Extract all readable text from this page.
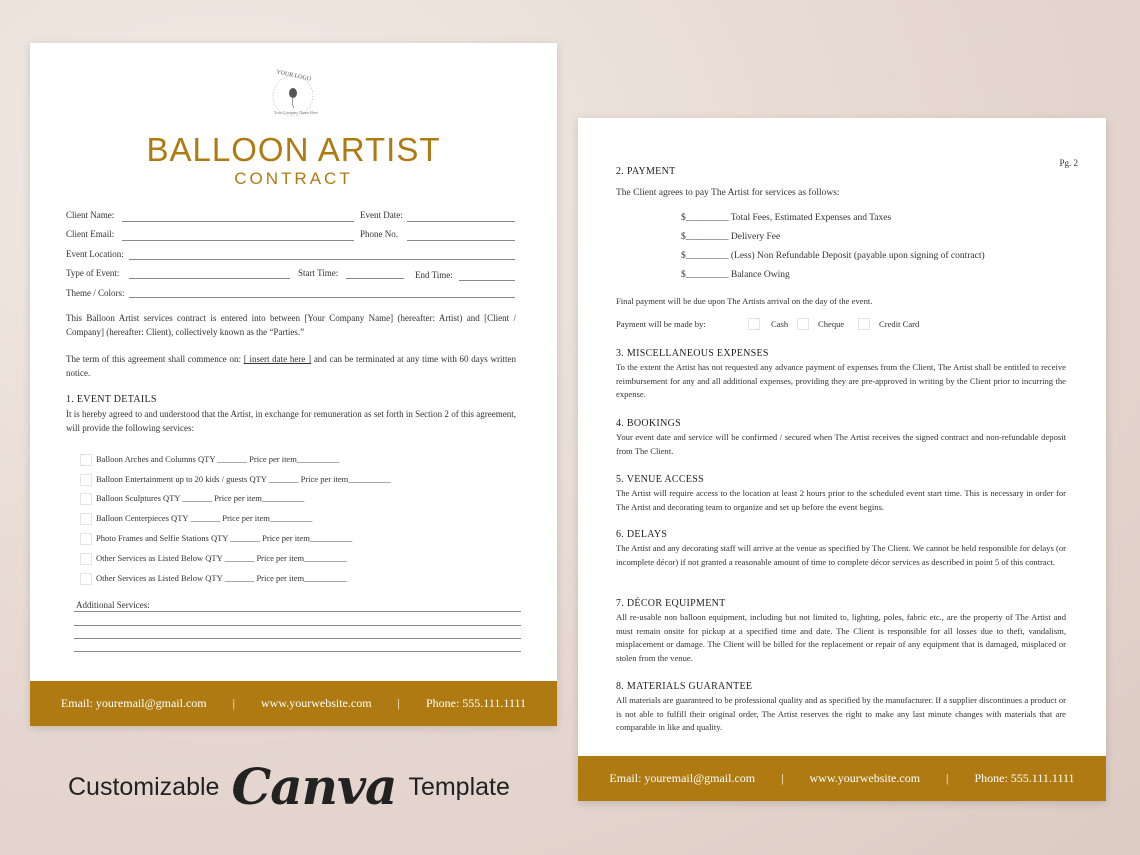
YOUR LOGO
Your Company Name Here
BALLOON ARTIST
CONTRACT
Client Name:	Event Date:
Client Email:	Phone No.
Event Location:
Type of Event:	Start Time:	End Time:
Theme / Colors:
This Balloon Artist services contract is entered into between [Your Company Name] (hereafter: Artist) and [Client / Company] (hereafter: Client), collectively known as the “Parties.”
The term of this agreement shall commence on: [ insert date here ] and can be terminated at any time with 60 days written notice.
1. EVENT DETAILS
It is hereby agreed to and understood that the Artist, in exchange for remuneration as set forth in Section 2 of this agreement, will provide the following services:
Balloon Arches and Columns QTY _______ Price per item__________
Balloon Entertainment up to 20 kids / guests QTY _______ Price per item__________
Balloon Sculptures QTY _______ Price per item__________
Balloon Centerpieces QTY _______ Price per item__________
Photo Frames and Selfie Stations QTY _______ Price per item__________
Other Services as Listed Below QTY _______ Price per item__________
Other Services as Listed Below QTY _______ Price per item__________
Additional Services:
Email: youremail@gmail.com | www.yourwebsite.com | Phone: 555.111.1111
Pg. 2
2. PAYMENT
The Client agrees to pay The Artist for services as follows:
$_________ Total Fees, Estimated Expenses and Taxes
$_________ Delivery Fee
$_________ (Less) Non Refundable Deposit (payable upon signing of contract)
$_________ Balance Owing
Final payment will be due upon The Artists arrival on the day of the event.
Payment will be made by:	Cash	Cheque	Credit Card
3. MISCELLANEOUS EXPENSES
To the extent the Artist has not requested any advance payment of expenses from the Client, The Artist shall be entitled to receive reimbursement for any and all additional expenses, providing they are pre-approved in writing by the Client prior to incurring the expense.
4. BOOKINGS
Your event date and service will be confirmed / secured when The Artist receives the signed contract and non-refundable deposit from The Client.
5. VENUE ACCESS
The Artist will require access to the location at least 2 hours prior to the scheduled event start time. This is necessary in order for The Artist and decorating team to organize and set up before the event begins.
6. DELAYS
The Artist and any decorating staff will arrive at the venue as specified by The Client. We cannot be held responsible for delays (or incomplete décor) if not granted a reasonable amount of time to complete décor services as described in point 5 of this contract.
7. DÉCOR EQUIPMENT
All re-usable non balloon equipment, including but not limited to, lighting, poles, fabric etc., are the property of The Artist and must remain onsite for pickup at a specified time and date. The Client is responsible for all losses due to theft, vandalism, misplacement or damage. The Client will be billed for the replacement or repair of any equipment that is damaged, misplaced or stolen from the venue.
8. MATERIALS GUARANTEE
All materials are guaranteed to be professional quality and as specified by the manufacturer. If a supplier discontinues a product or is not able to fulfill their original order, The Artist reserves the right to make any last minute changes with materials that are comparable in like and quality.
Email: youremail@gmail.com | www.yourwebsite.com | Phone: 555.111.1111
Customizable Canva Template
